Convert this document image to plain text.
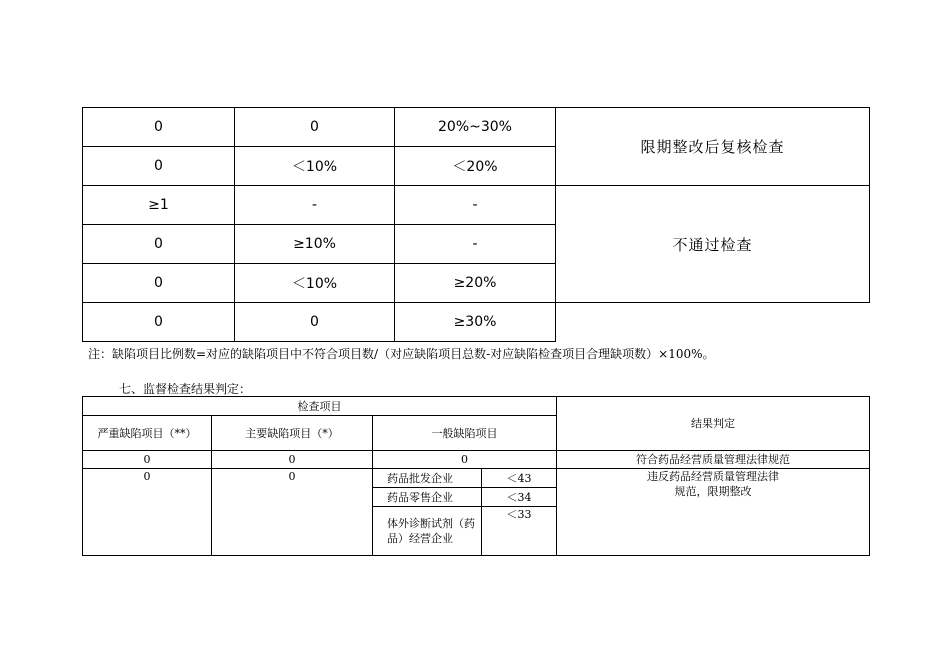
0	0	20%~30%	限期整改后复核检查
0	＜10%	＜20%	
≥1	-	-	不通过检查
0	≥10%	-	
0	＜10%	≥20%	
0	0	≥30%	
注：缺陷项目比例数=对应的缺陷项目中不符合项目数/（对应缺陷项目总数-对应缺陷检查项目合理缺项数）×100%。
七、监督检查结果判定：
检查项目				结果判定
严重缺陷项目（**）	主要缺陷项目（*）	一般缺陷项目		
0	0	0		符合药品经营质量管理法律规范
0	0	药品批发企业	＜43	违反药品经营质量管理法律规范，限期整改
		药品零售企业	＜34	
		体外诊断试剂（药品）经营企业	＜33	
